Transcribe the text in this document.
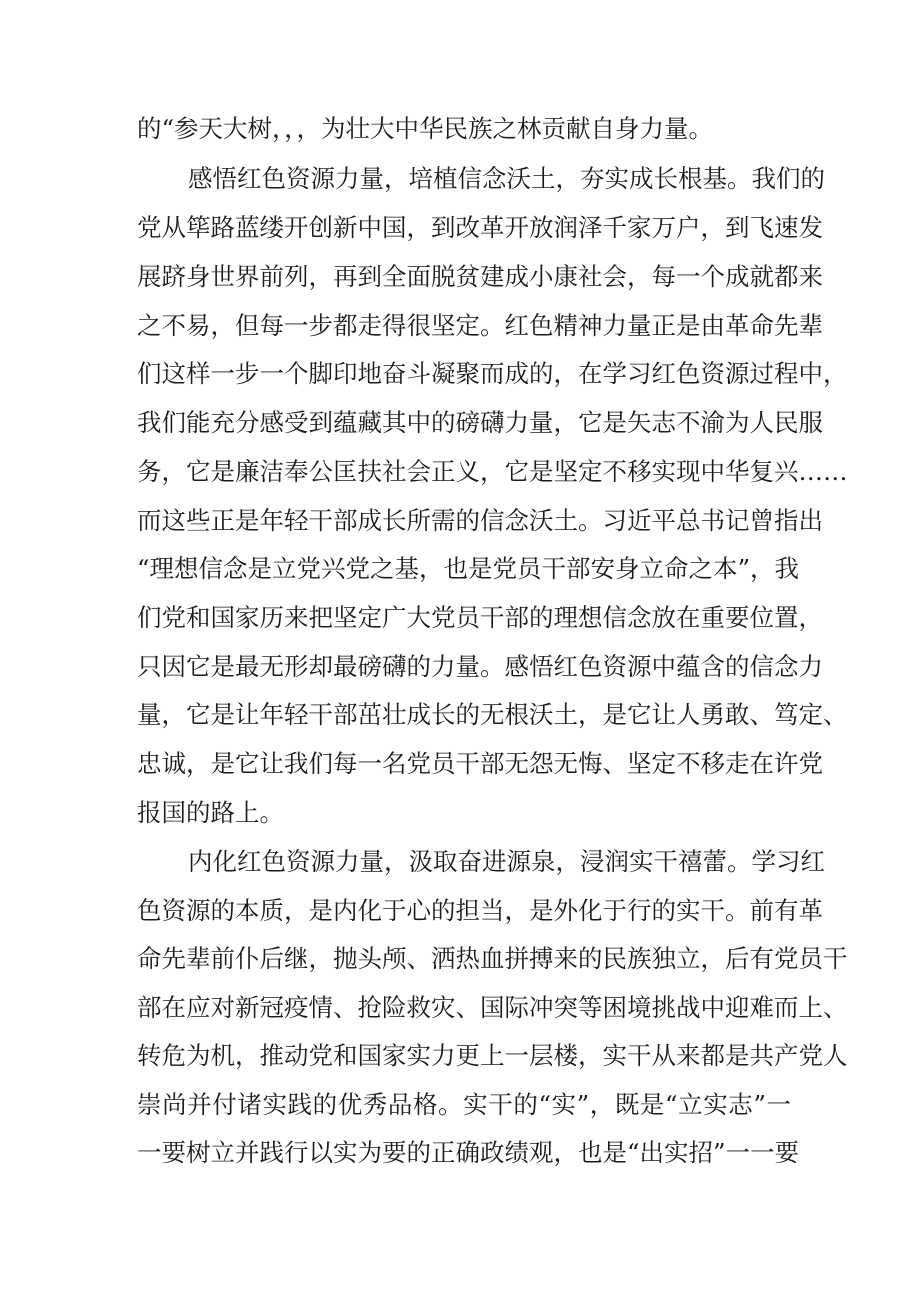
的“参天大树，，，为壮大中华民族之林贡献自身力量。
感悟红色资源力量，培植信念沃土，夯实成长根基。我们的
党从筚路蓝缕开创新中国，到改革开放润泽千家万户，到飞速发
展跻身世界前列，再到全面脱贫建成小康社会，每一个成就都来
之不易，但每一步都走得很坚定。红色精神力量正是由革命先辈
们这样一步一个脚印地奋斗凝聚而成的，在学习红色资源过程中，
我们能充分感受到蕴藏其中的磅礴力量，它是矢志不渝为人民服
务，它是廉洁奉公匡扶社会正义，它是坚定不移实现中华复兴……
而这些正是年轻干部成长所需的信念沃土。习近平总书记曾指出
“理想信念是立党兴党之基，也是党员干部安身立命之本”，我
们党和国家历来把坚定广大党员干部的理想信念放在重要位置，
只因它是最无形却最磅礴的力量。感悟红色资源中蕴含的信念力
量，它是让年轻干部茁壮成长的无根沃土，是它让人勇敢、笃定、
忠诚，是它让我们每一名党员干部无怨无悔、坚定不移走在许党
报国的路上。
内化红色资源力量，汲取奋进源泉，浸润实干禧蕾。学习红
色资源的本质，是内化于心的担当，是外化于行的实干。前有革
命先辈前仆后继，抛头颅、洒热血拼搏来的民族独立，后有党员干
部在应对新冠疫情、抢险救灾、国际冲突等困境挑战中迎难而上、
转危为机，推动党和国家实力更上一层楼，实干从来都是共产党人
崇尚并付诸实践的优秀品格。实干的“实”，既是“立实志”一
一要树立并践行以实为要的正确政绩观，也是“出实招”一一要
